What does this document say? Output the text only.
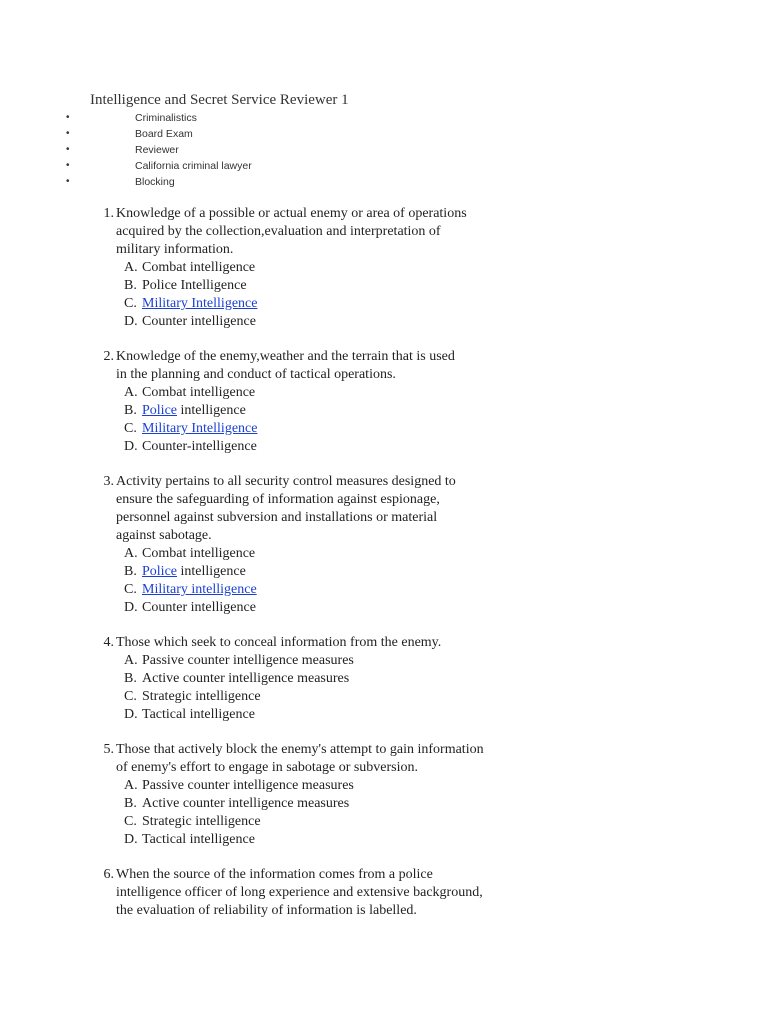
Intelligence and Secret Service Reviewer 1
•	Criminalistics
•	Board Exam
•	Reviewer
•	California criminal lawyer
•	Blocking
1. Knowledge of a possible or actual enemy or area of operations
acquired by the collection,evaluation and interpretation of
military information.
A. Combat intelligence
B. Police Intelligence
C. Military Intelligence
D. Counter intelligence
2. Knowledge of the enemy,weather and the terrain that is used
in the planning and conduct of tactical operations.
A. Combat intelligence
B. Police intelligence
C. Military Intelligence
D. Counter-intelligence
3. Activity pertains to all security control measures designed to
ensure the safeguarding of information against espionage,
personnel against subversion and installations or material
against sabotage.
A. Combat intelligence
B. Police intelligence
C. Military intelligence
D. Counter intelligence
4. Those which seek to conceal information from the enemy.
A. Passive counter intelligence measures
B. Active counter intelligence measures
C. Strategic intelligence
D. Tactical intelligence
5. Those that actively block the enemy's attempt to gain information
of enemy's effort to engage in sabotage or subversion.
A. Passive counter intelligence measures
B. Active counter intelligence measures
C. Strategic intelligence
D. Tactical intelligence
6. When the source of the information comes from a police
intelligence officer of long experience and extensive background,
the evaluation of reliability of information is labelled.
